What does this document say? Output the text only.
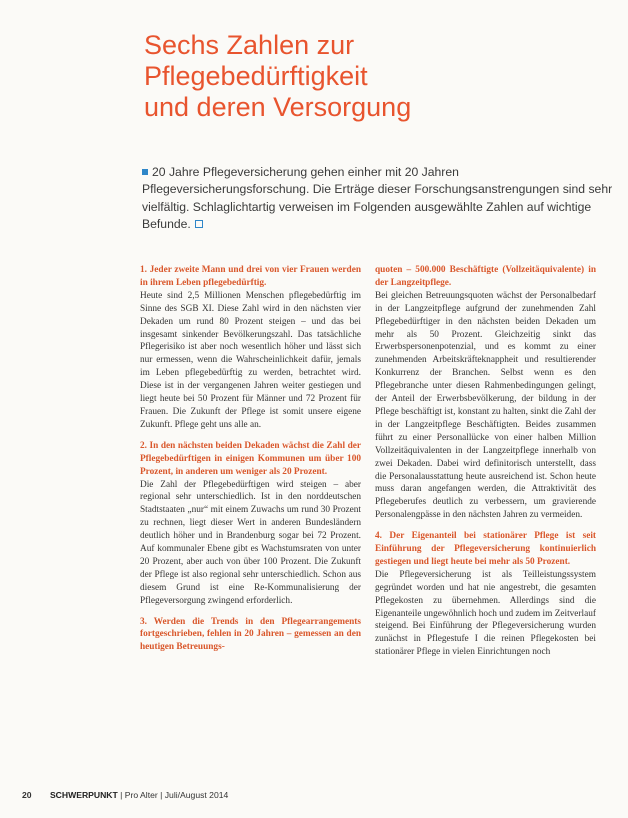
Sechs Zahlen zur
Pflegebedürftigkeit
und deren Versorgung

20 Jahre Pflegeversicherung gehen einher mit 20 Jahren Pflegeversicherungsforschung. Die Erträge dieser Forschungsanstrengungen sind sehr vielfältig. Schlaglichtartig verweisen im Folgenden ausgewählte Zahlen auf wichtige Befunde.

1. Jeder zweite Mann und drei von vier Frauen werden in ihrem Leben pflegebedürftig.

Heute sind 2,5 Millionen Menschen pflegebedürftig im Sinne des SGB XI. Diese Zahl wird in den nächsten vier Dekaden um rund 80 Prozent steigen – und das bei insgesamt sinkender Bevölkerungszahl. Das tatsächliche Pflegerisiko ist aber noch wesentlich höher und lässt sich nur ermessen, wenn die Wahrscheinlichkeit dafür, jemals im Leben pflegebedürftig zu werden, betrachtet wird. Diese ist in der vergangenen Jahren weiter gestiegen und liegt heute bei 50 Prozent für Männer und 72 Prozent für Frauen. Die Zukunft der Pflege ist somit unsere eigene Zukunft. Pflege geht uns alle an.

2. In den nächsten beiden Dekaden wächst die Zahl der Pflegebedürftigen in einigen Kommunen um über 100 Prozent, in anderen um weniger als 20 Prozent.

Die Zahl der Pflegebedürftigen wird steigen – aber regional sehr unterschiedlich. Ist in den norddeutschen Stadtstaaten „nur“ mit einem Zuwachs um rund 30 Prozent zu rechnen, liegt dieser Wert in anderen Bundesländern deutlich höher und in Brandenburg sogar bei 72 Prozent. Auf kommunaler Ebene gibt es Wachstumsraten von unter 20 Prozent, aber auch von über 100 Prozent. Die Zukunft der Pflege ist also regional sehr unterschiedlich. Schon aus diesem Grund ist eine Re-Kommunalisierung der Pflegeversorgung zwingend erforderlich.

3. Werden die Trends in den Pflegearrangements fortgeschrieben, fehlen in 20 Jahren – gemessen an den heutigen Betreuungs-
quoten – 500.000 Beschäftigte (Vollzeitäquivalente) in der Langzeitpflege.

Bei gleichen Betreuungsquoten wächst der Personalbedarf in der Langzeitpflege aufgrund der zunehmenden Zahl Pflegebedürftiger in den nächsten beiden Dekaden um mehr als 50 Prozent. Gleichzeitig sinkt das Erwerbspersonenpotenzial, und es kommt zu einer zunehmenden Arbeitskräfteknappheit und resultierender Konkurrenz der Branchen. Selbst wenn es den Pflegebranche unter diesen Rahmenbedingungen gelingt, der Anteil der Erwerbsbevölkerung, der bildung in der Pflege beschäftigt ist, konstant zu halten, sinkt die Zahl der in der Langzeitpflege Beschäftigten. Beides zusammen führt zu einer Personallücke von einer halben Million Vollzeitäquivalenten in der Langzeitpflege innerhalb von zwei Dekaden. Dabei wird definitorisch unterstellt, dass die Personalausstattung heute ausreichend ist. Schon heute muss daran angefangen werden, die Attraktivität des Pflegeberufes deutlich zu verbessern, um gravierende Personalengpässe in den nächsten Jahren zu vermeiden.

4. Der Eigenanteil bei stationärer Pflege ist seit Einführung der Pflegeversicherung kontinuierlich gestiegen und liegt heute bei mehr als 50 Prozent.

Die Pflegeversicherung ist als Teilleistungssystem gegründet worden und hat nie angestrebt, die gesamten Pflegekosten zu übernehmen. Allerdings sind die Eigenanteile ungewöhnlich hoch und zudem im Zeitverlauf steigend. Bei Einführung der Pflegeversicherung wurden zunächst in Pflegestufe I die reinen Pflegekosten bei stationärer Pflege in vielen Einrichtungen noch

20 SCHWERPUNKT | Pro Alter | Juli/August 2014
